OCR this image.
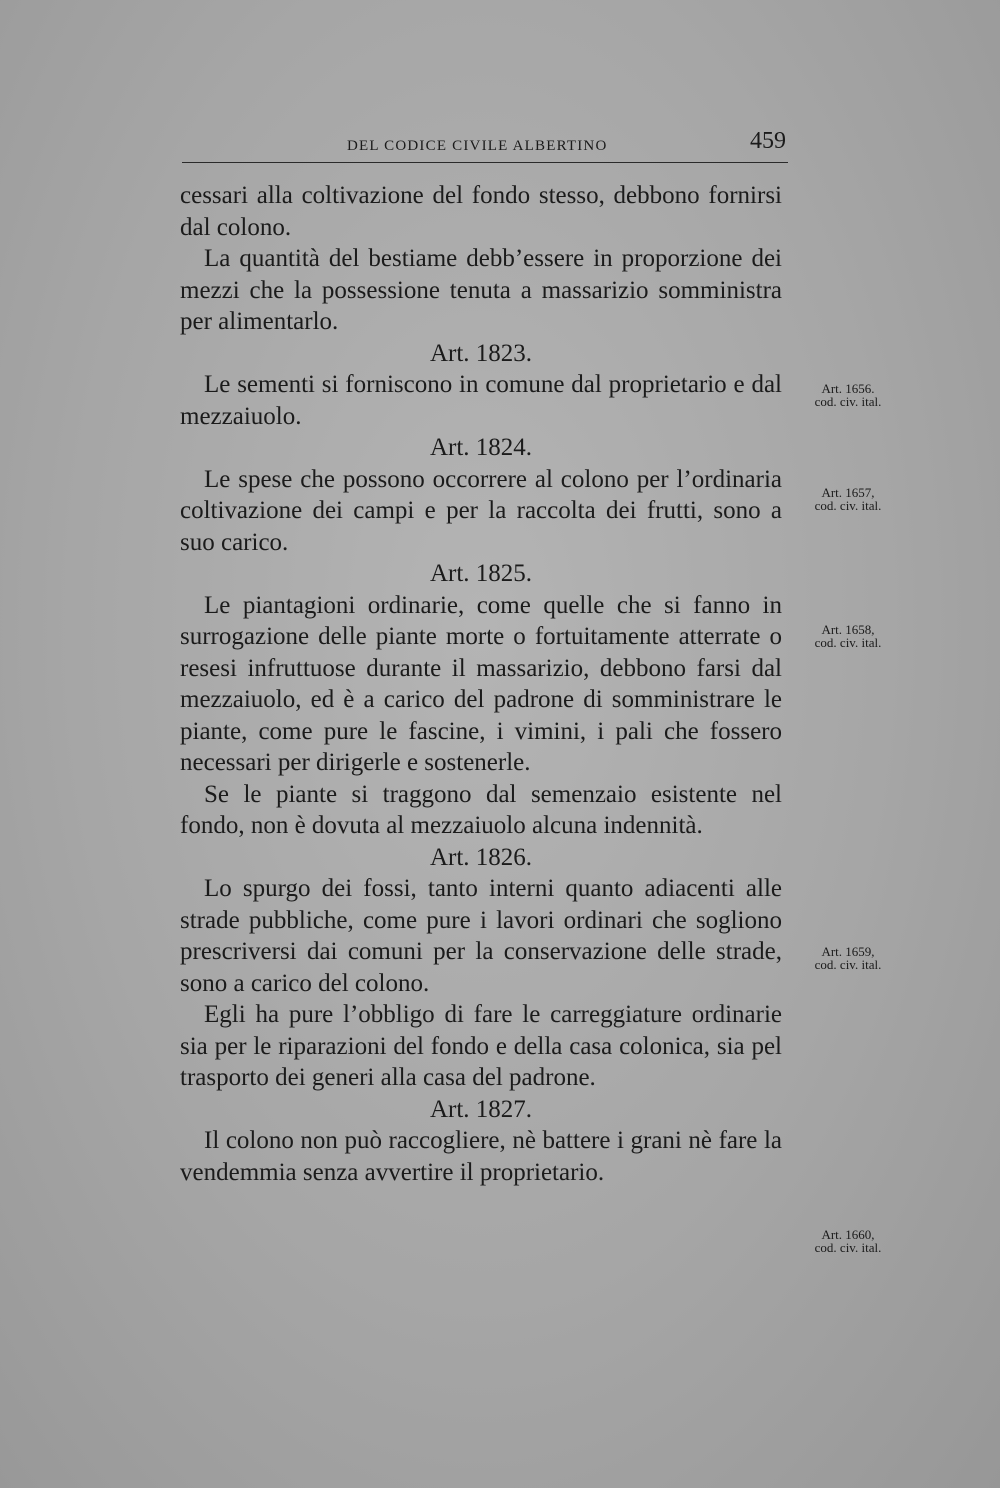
DEL CODICE CIVILE ALBERTINO	459

cessari alla coltivazione del fondo stesso, debbono fornirsi dal colono.

La quantità del bestiame debb’essere in proporzione dei mezzi che la possessione tenuta a massarizio somministra per alimentarlo.

Art. 1823.

Le sementi si forniscono in comune dal proprietario e dal mezzaiuolo.

Art. 1824.

Le spese che possono occorrere al colono per l’ordinaria coltivazione dei campi e per la raccolta dei frutti, sono a suo carico.

Art. 1825.

Le piantagioni ordinarie, come quelle che si fanno in surrogazione delle piante morte o fortuitamente atterrate o resesi infruttuose durante il massarizio, debbono farsi dal mezzaiuolo, ed è a carico del padrone di somministrare le piante, come pure le fascine, i vimini, i pali che fossero necessari per dirigerle e sostenerle.

Se le piante si traggono dal semenzaio esistente nel fondo, non è dovuta al mezzaiuolo alcuna indennità.

Art. 1826.

Lo spurgo dei fossi, tanto interni quanto adiacenti alle strade pubbliche, come pure i lavori ordinari che sogliono prescriversi dai comuni per la conservazione delle strade, sono a carico del colono.

Egli ha pure l’obbligo di fare le carreggiature ordinarie sia per le riparazioni del fondo e della casa colonica, sia pel trasporto dei generi alla casa del padrone.

Art. 1827.

Il colono non può raccogliere, nè battere i grani nè fare la vendemmia senza avvertire il proprietario.

Art. 1656.
cod. civ. ital.
Art. 1657,
cod. civ. ital.
Art. 1658,
cod. civ. ital.
Art. 1659,
cod. civ. ital.
Art. 1660,
cod. civ. ital.
